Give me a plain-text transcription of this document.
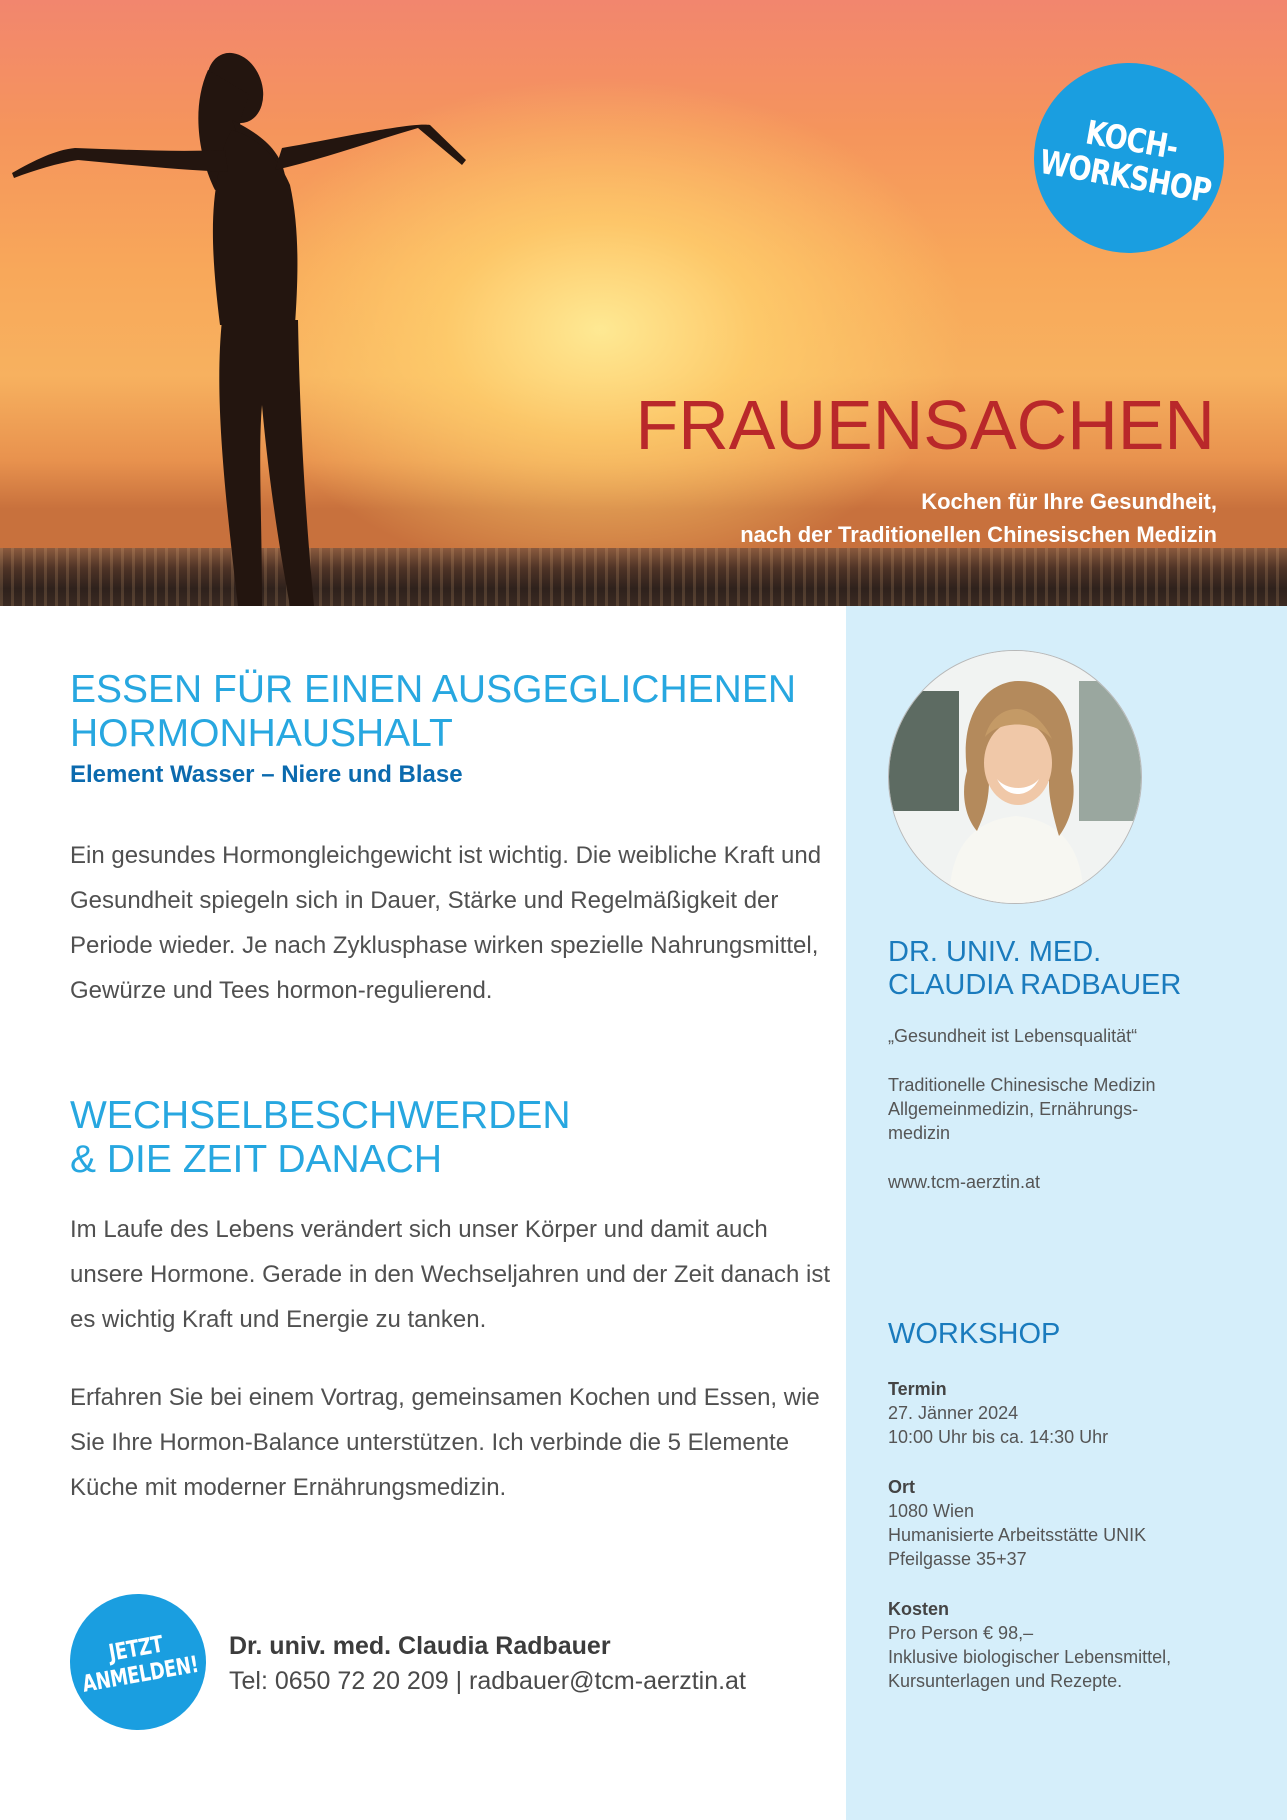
KOCH-
WORKSHOP
FRAUENSACHEN
Kochen für Ihre Gesundheit,
nach der Traditionellen Chinesischen Medizin
ESSEN FÜR EINEN AUSGEGLICHENEN
HORMONHAUSHALT
Element Wasser – Niere und Blase

Ein gesundes Hormongleichgewicht ist wichtig. Die weibliche Kraft und Gesundheit spiegeln sich in Dauer, Stärke und Regelmäßigkeit der Periode wieder. Je nach Zyklusphase wirken spezielle Nahrungsmittel, Gewürze und Tees hormon-regulierend.

WECHSELBESCHWERDEN
& DIE ZEIT DANACH

Im Laufe des Lebens verändert sich unser Körper und damit auch unsere Hormone. Gerade in den Wechseljahren und der Zeit danach ist es wichtig Kraft und Energie zu tanken.

Erfahren Sie bei einem Vortrag, gemeinsamen Kochen und Essen, wie Sie Ihre Hormon-Balance unterstützen. Ich verbinde die 5 Elemente Küche mit moderner Ernährungsmedizin.

JETZT
ANMELDEN!
Dr. univ. med. Claudia Radbauer
Tel: 0650 72 20 209 | radbauer@tcm-aerztin.at
DR. UNIV. MED.
CLAUDIA RADBAUER
„Gesundheit ist Lebensqualität“
Traditionelle Chinesische Medizin
Allgemeinmedizin, Ernährungs-
medizin
www.tcm-aerztin.at
WORKSHOP
Termin
27. Jänner 2024
10:00 Uhr bis ca. 14:30 Uhr
Ort
1080 Wien
Humanisierte Arbeitsstätte UNIK
Pfeilgasse 35+37
Kosten
Pro Person € 98,–
Inklusive biologischer Lebensmittel,
Kursunterlagen und Rezepte.
